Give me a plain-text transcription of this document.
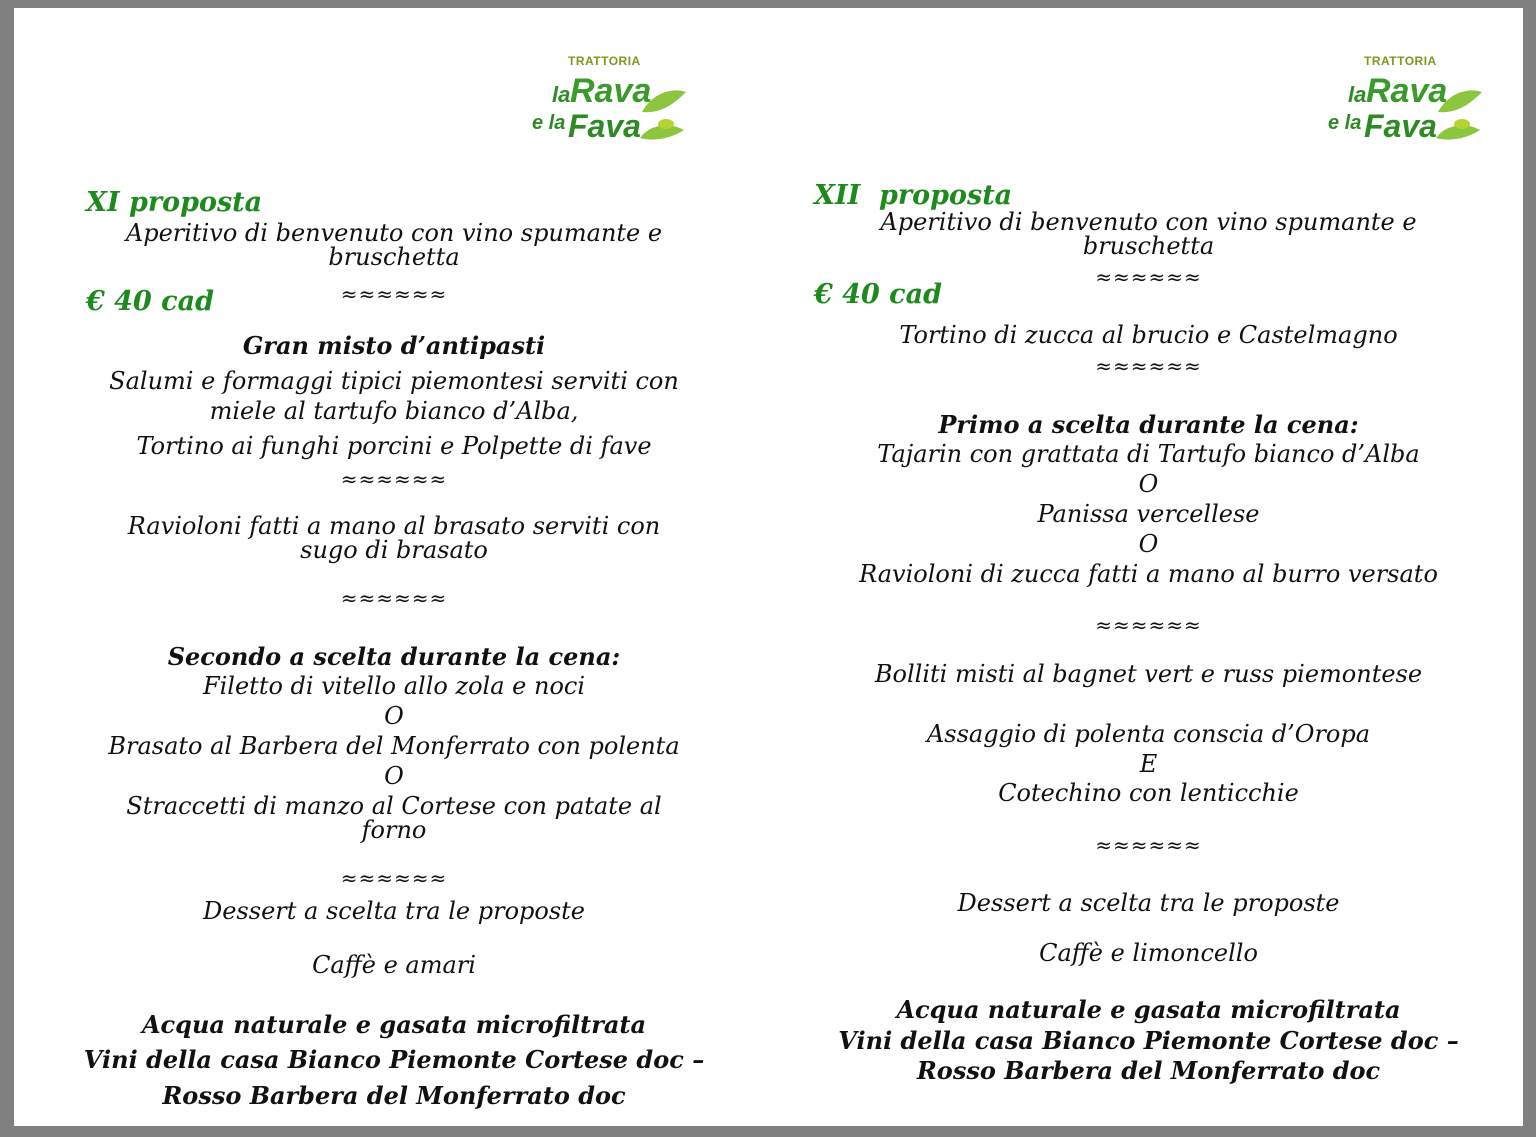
TRATTORIA
la Rava
e la Fava

XI proposta

€ 40 cad

Aperitivo di benvenuto con vino spumante e
bruschetta
≈≈≈≈≈≈
Gran misto d’antipasti
Salumi e formaggi tipici piemontesi serviti con
miele al tartufo bianco d’Alba,
Tortino ai funghi porcini e Polpette di fave
≈≈≈≈≈≈
Ravioloni fatti a mano al brasato serviti con
sugo di brasato
≈≈≈≈≈≈
Secondo a scelta durante la cena:
Filetto di vitello allo zola e noci
O
Brasato al Barbera del Monferrato con polenta
O
Straccetti di manzo al Cortese con patate al
forno
≈≈≈≈≈≈
Dessert a scelta tra le proposte
Caffè e amari
Acqua naturale e gasata microfiltrata
Vini della casa Bianco Piemonte Cortese doc –
Rosso Barbera del Monferrato doc
TRATTORIA
la Rava
e la Fava

XII  proposta

€ 40 cad

Aperitivo di benvenuto con vino spumante e
bruschetta
≈≈≈≈≈≈
Tortino di zucca al brucio e Castelmagno
≈≈≈≈≈≈
Primo a scelta durante la cena:
Tajarin con grattata di Tartufo bianco d’Alba
O
Panissa vercellese
O
Ravioloni di zucca fatti a mano al burro versato
≈≈≈≈≈≈
Bolliti misti al bagnet vert e russ piemontese
Assaggio di polenta conscia d’Oropa
E
Cotechino con lenticchie
≈≈≈≈≈≈
Dessert a scelta tra le proposte
Caffè e limoncello
Acqua naturale e gasata microfiltrata
Vini della casa Bianco Piemonte Cortese doc –
Rosso Barbera del Monferrato doc
